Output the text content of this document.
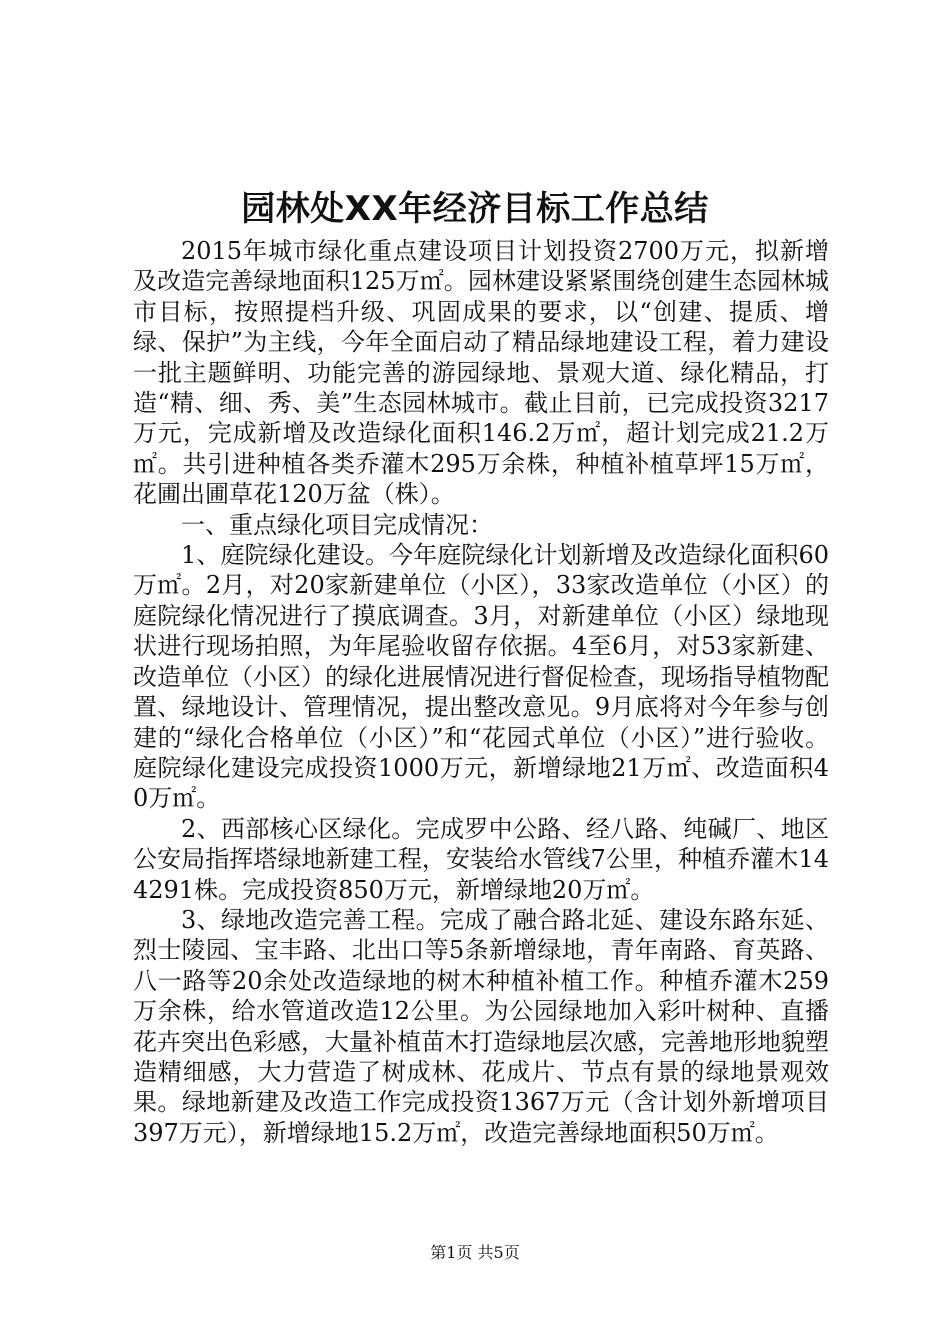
园林处XX年经济目标工作总结

2015年城市绿化重点建设项目计划投资2700万元，拟新增及改造完善绿地面积125万㎡。园林建设紧紧围绕创建生态园林城市目标，按照提档升级、巩固成果的要求，以“创建、提质、增绿、保护”为主线，今年全面启动了精品绿地建设工程，着力建设一批主题鲜明、功能完善的游园绿地、景观大道、绿化精品，打造“精、细、秀、美”生态园林城市。截止目前，已完成投资3217万元，完成新增及改造绿化面积146.2万㎡，超计划完成21.2万㎡。共引进种植各类乔灌木295万余株，种植补植草坪15万㎡，花圃出圃草花120万盆（株）。

一、重点绿化项目完成情况：

1、庭院绿化建设。今年庭院绿化计划新增及改造绿化面积60万㎡。2月，对20家新建单位（小区），33家改造单位（小区）的庭院绿化情况进行了摸底调查。3月，对新建单位（小区）绿地现状进行现场拍照，为年尾验收留存依据。4至6月，对53家新建、改造单位（小区）的绿化进展情况进行督促检查，现场指导植物配置、绿地设计、管理情况，提出整改意见。9月底将对今年参与创建的“绿化合格单位（小区）”和“花园式单位（小区）”进行验收。庭院绿化建设完成投资1000万元，新增绿地21万㎡、改造面积40万㎡。

2、西部核心区绿化。完成罗中公路、经八路、纯碱厂、地区公安局指挥塔绿地新建工程，安装给水管线7公里，种植乔灌木144291株。完成投资850万元，新增绿地20万㎡。

3、绿地改造完善工程。完成了融合路北延、建设东路东延、烈士陵园、宝丰路、北出口等5条新增绿地，青年南路、育英路、八一路等20余处改造绿地的树木种植补植工作。种植乔灌木259万余株，给水管道改造12公里。为公园绿地加入彩叶树种、直播花卉突出色彩感，大量补植苗木打造绿地层次感，完善地形地貌塑造精细感，大力营造了树成林、花成片、节点有景的绿地景观效果。绿地新建及改造工作完成投资1367万元（含计划外新增项目397万元），新增绿地15.2万㎡，改造完善绿地面积50万㎡。

第1页 共5页
